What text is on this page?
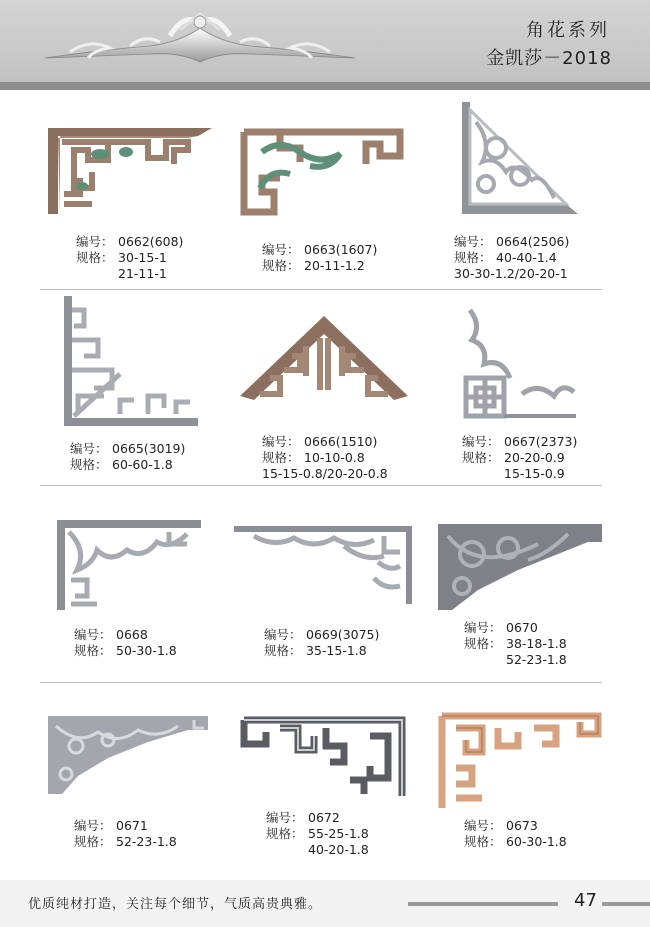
角花系列
金凯莎－2018
编号： 0662(608)
规格： 30-15-1
21-11-1
编号： 0663(1607)
规格： 20-11-1.2
编号： 0664(2506)
规格： 40-40-1.4
30-30-1.2/20-20-1
编号： 0665(3019)
规格： 60-60-1.8
编号： 0666(1510)
规格： 10-10-0.8
15-15-0.8/20-20-0.8
编号： 0667(2373)
规格： 20-20-0.9
15-15-0.9
编号： 0668
规格： 50-30-1.8
编号： 0669(3075)
规格： 35-15-1.8
编号： 0670
规格： 38-18-1.8
52-23-1.8
编号： 0671
规格： 52-23-1.8
编号： 0672
规格： 55-25-1.8
40-20-1.8
编号： 0673
规格： 60-30-1.8
优质纯材打造，关注每个细节，气质高贵典雅。	47
